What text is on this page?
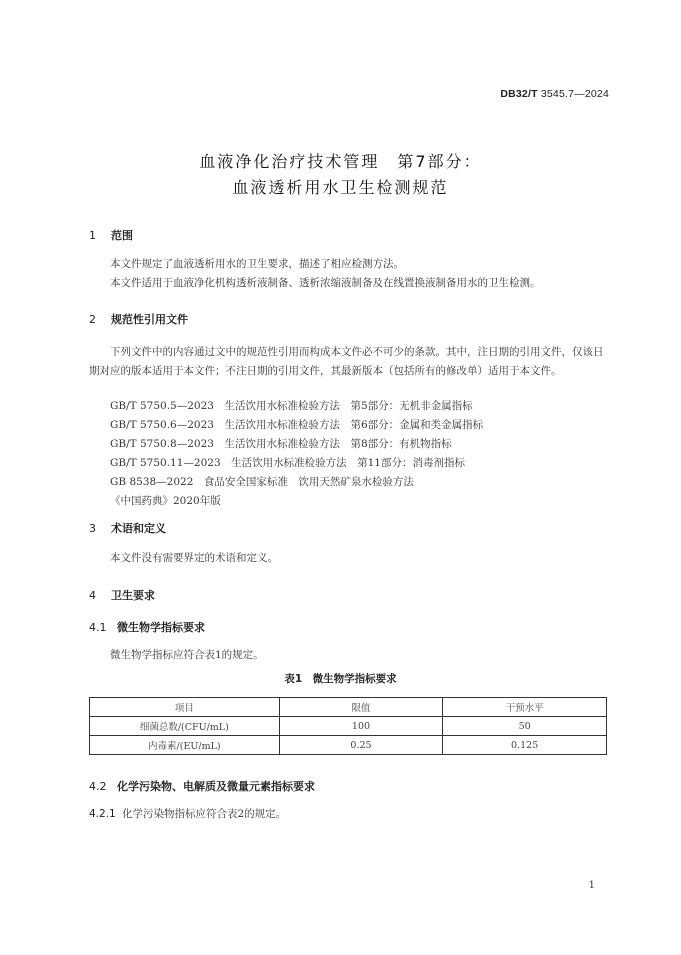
DB32/T 3545.7—2024
血液净化治疗技术管理　第7部分：
血液透析用水卫生检测规范
1 范围
本文件规定了血液透析用水的卫生要求，描述了相应检测方法。
本文件适用于血液净化机构透析液制备、透析浓缩液制备及在线置换液制备用水的卫生检测。
2 规范性引用文件
下列文件中的内容通过文中的规范性引用而构成本文件必不可少的条款。其中，注日期的引用文件，仅该日期对应的版本适用于本文件；不注日期的引用文件，其最新版本（包括所有的修改单）适用于本文件。
GB/T 5750.5—2023　生活饮用水标准检验方法　第5部分：无机非金属指标
GB/T 5750.6—2023　生活饮用水标准检验方法　第6部分：金属和类金属指标
GB/T 5750.8—2023　生活饮用水标准检验方法　第8部分：有机物指标
GB/T 5750.11—2023　生活饮用水标准检验方法　第11部分：消毒剂指标
GB 8538—2022　食品安全国家标准　饮用天然矿泉水检验方法
《中国药典》2020年版
3 术语和定义
本文件没有需要界定的术语和定义。
4 卫生要求
4.1 微生物学指标要求
微生物学指标应符合表1的规定。
表1　微生物学指标要求
项目	限值	干预水平
细菌总数/(CFU/mL)	100	50
内毒素/(EU/mL)	0.25	0.125
4.2 化学污染物、电解质及微量元素指标要求
4.2.1 化学污染物指标应符合表2的规定。
1
